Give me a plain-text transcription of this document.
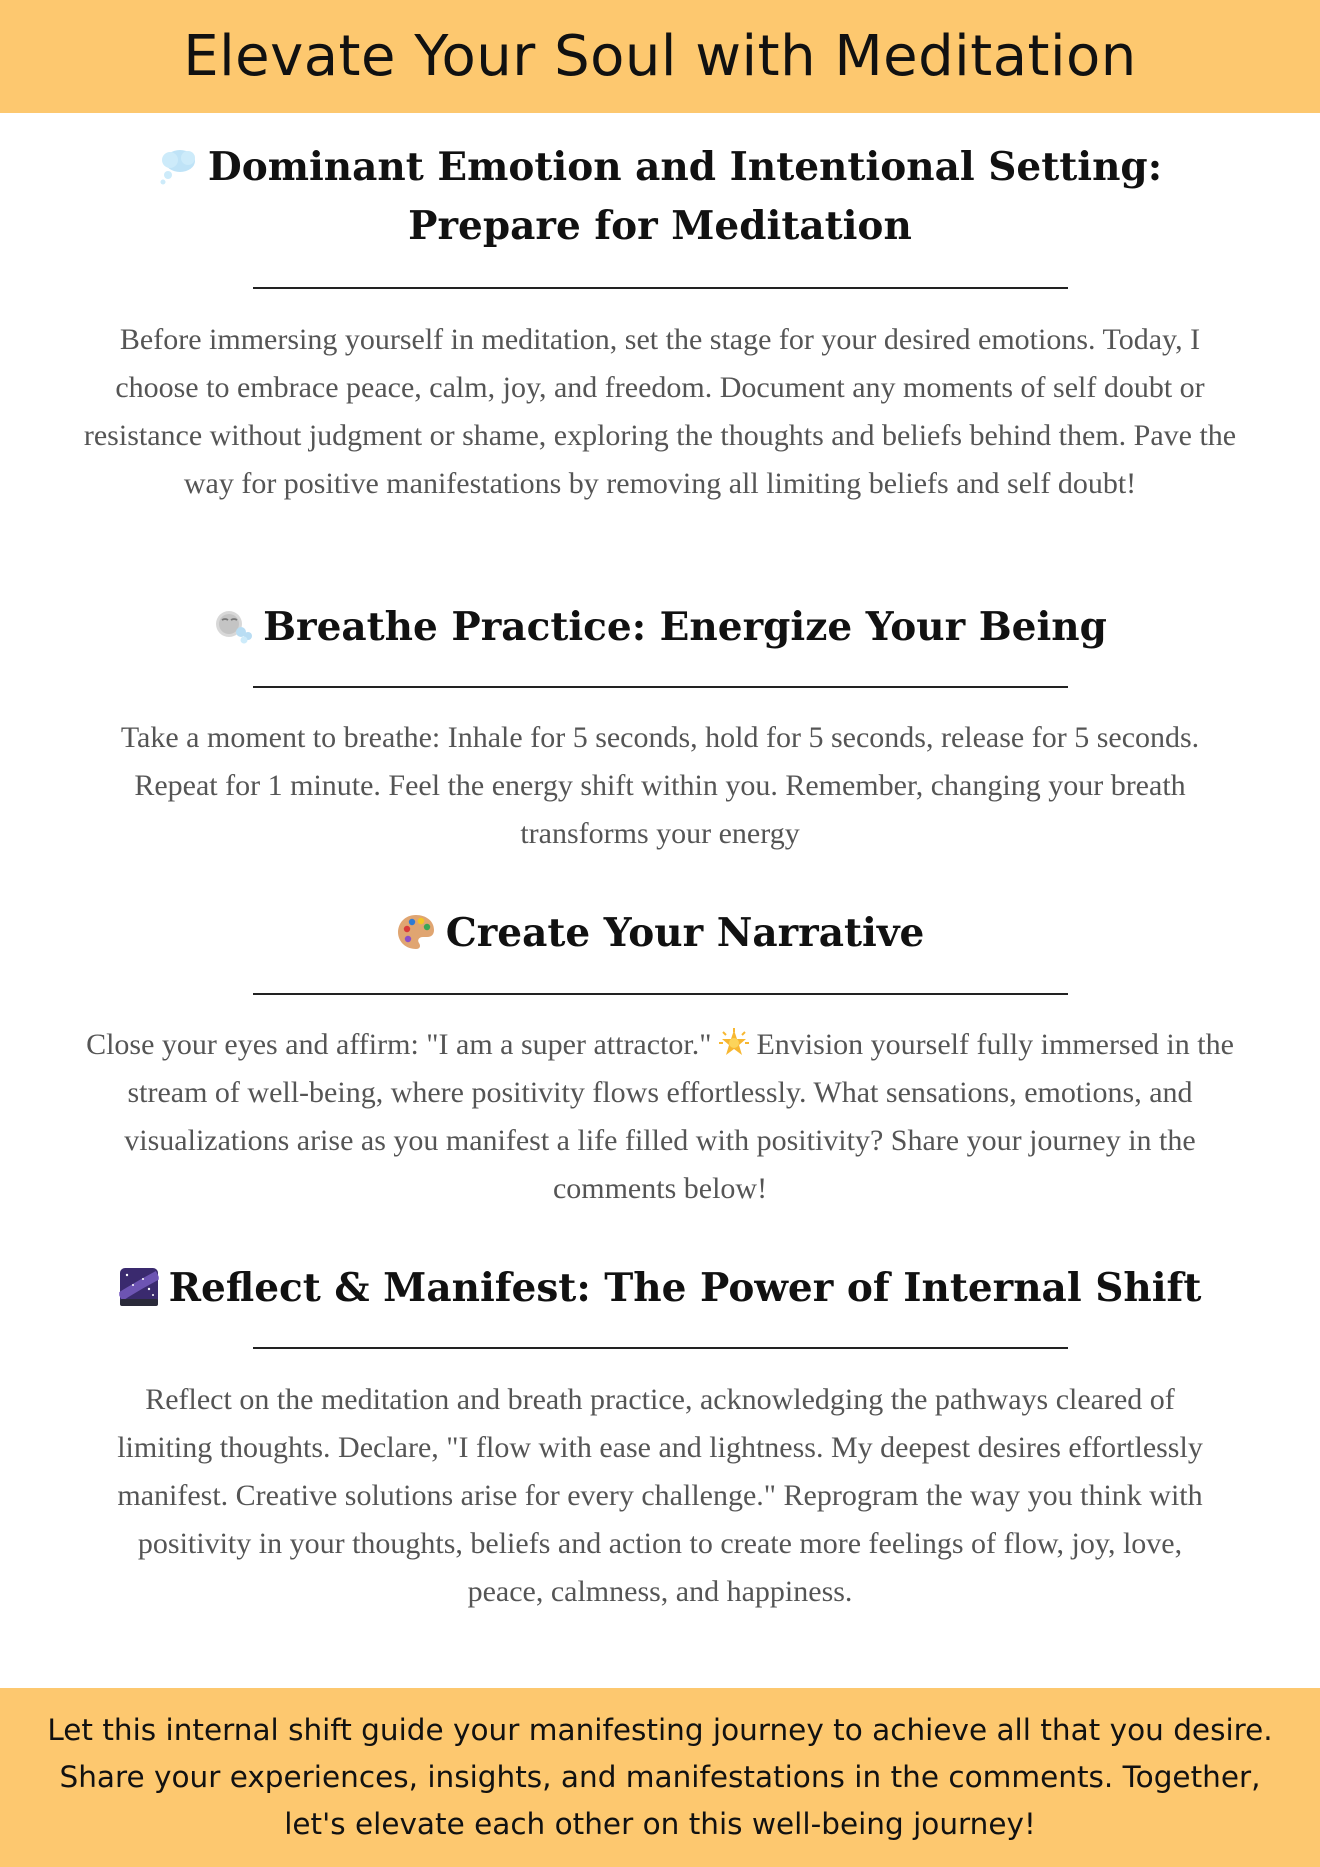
Elevate Your Soul with Meditation
Dominant Emotion and Intentional Setting:
Prepare for Meditation

Before immersing yourself in meditation, set the stage for your desired emotions. Today, I choose to embrace peace, calm, joy, and freedom. Document any moments of self doubt or resistance without judgment or shame, exploring the thoughts and beliefs behind them. Pave the way for positive manifestations by removing all limiting beliefs and self doubt!

Breathe Practice: Energize Your Being

Take a moment to breathe: Inhale for 5 seconds, hold for 5 seconds, release for 5 seconds. Repeat for 1 minute. Feel the energy shift within you. Remember, changing your breath transforms your energy

Create Your Narrative

Close your eyes and affirm: "I am a super attractor."  Envision yourself fully immersed in the stream of well-being, where positivity flows effortlessly. What sensations, emotions, and visualizations arise as you manifest a life filled with positivity? Share your journey in the comments below!

Reflect & Manifest: The Power of Internal Shift

Reflect on the meditation and breath practice, acknowledging the pathways cleared of limiting thoughts. Declare, "I flow with ease and lightness. My deepest desires effortlessly manifest. Creative solutions arise for every challenge." Reprogram the way you think with positivity in your thoughts, beliefs and action to create more feelings of flow, joy, love, peace, calmness, and happiness.

Let this internal shift guide your manifesting journey to achieve all that you desire. Share your experiences, insights, and manifestations in the comments. Together, let's elevate each other on this well-being journey!
